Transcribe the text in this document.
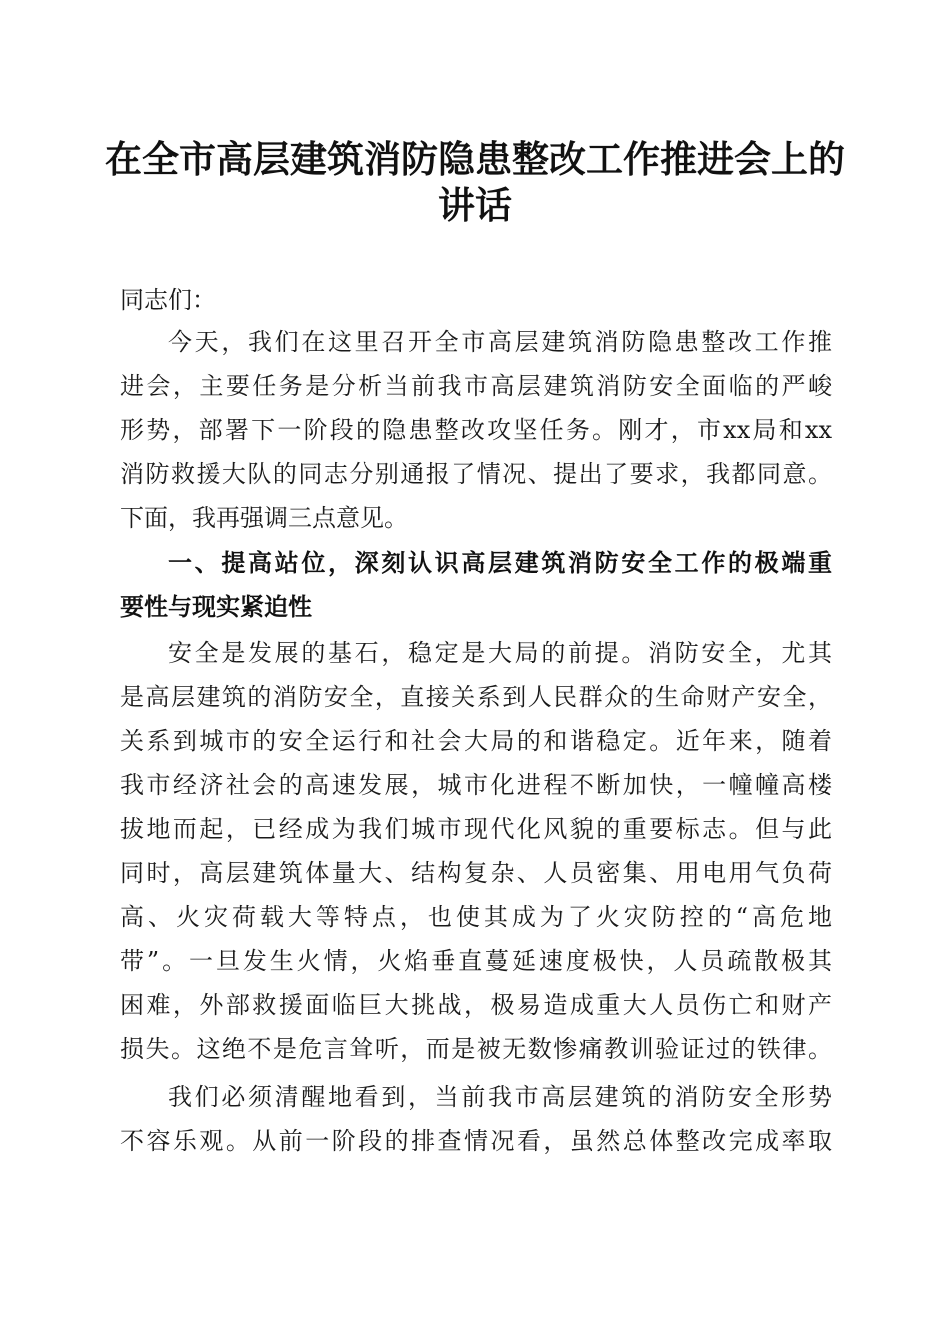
在全市高层建筑消防隐患整改工作推进会上的
讲话
同志们：
今天，我们在这里召开全市高层建筑消防隐患整改工作推
进会，主要任务是分析当前我市高层建筑消防安全面临的严峻
形势，部署下一阶段的隐患整改攻坚任务。刚才，市xx局和xx
消防救援大队的同志分别通报了情况、提出了要求，我都同意。
下面，我再强调三点意见。
一、提高站位，深刻认识高层建筑消防安全工作的极端重
要性与现实紧迫性
安全是发展的基石，稳定是大局的前提。消防安全，尤其
是高层建筑的消防安全，直接关系到人民群众的生命财产安全，
关系到城市的安全运行和社会大局的和谐稳定。近年来，随着
我市经济社会的高速发展，城市化进程不断加快，一幢幢高楼
拔地而起，已经成为我们城市现代化风貌的重要标志。但与此
同时，高层建筑体量大、结构复杂、人员密集、用电用气负荷
高、火灾荷载大等特点，也使其成为了火灾防控的“高危地
带”。一旦发生火情，火焰垂直蔓延速度极快，人员疏散极其
困难，外部救援面临巨大挑战，极易造成重大人员伤亡和财产
损失。这绝不是危言耸听，而是被无数惨痛教训验证过的铁律。
我们必须清醒地看到，当前我市高层建筑的消防安全形势
不容乐观。从前一阶段的排查情况看，虽然总体整改完成率取
